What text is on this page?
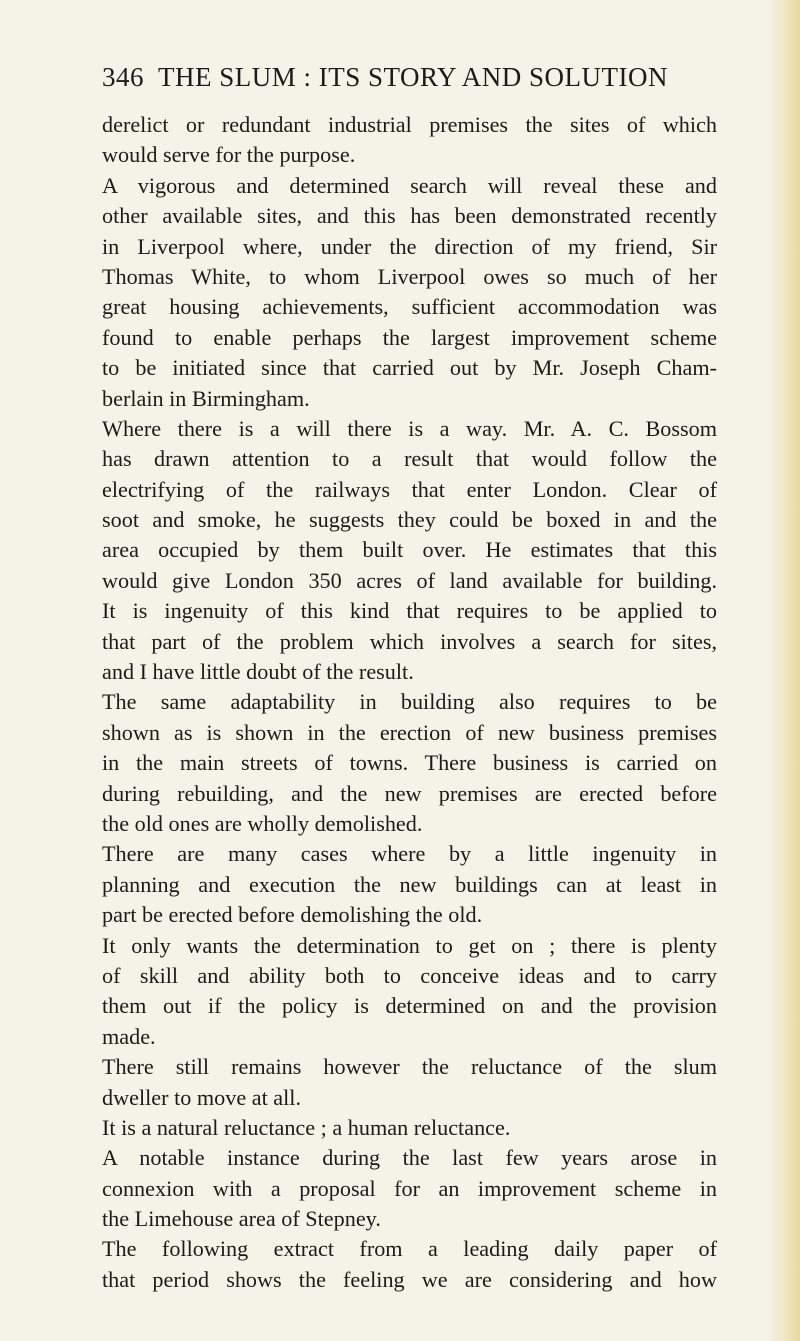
346 THE SLUM : ITS STORY AND SOLUTION
derelict or redundant industrial premises the sites of which
would serve for the purpose.
A vigorous and determined search will reveal these and
other available sites, and this has been demonstrated recently
in Liverpool where, under the direction of my friend, Sir
Thomas White, to whom Liverpool owes so much of her
great housing achievements, sufficient accommodation was
found to enable perhaps the largest improvement scheme
to be initiated since that carried out by Mr. Joseph Cham-
berlain in Birmingham.
Where there is a will there is a way. Mr. A. C. Bossom
has drawn attention to a result that would follow the
electrifying of the railways that enter London. Clear of
soot and smoke, he suggests they could be boxed in and the
area occupied by them built over. He estimates that this
would give London 350 acres of land available for building.
It is ingenuity of this kind that requires to be applied to
that part of the problem which involves a search for sites,
and I have little doubt of the result.
The same adaptability in building also requires to be
shown as is shown in the erection of new business premises
in the main streets of towns. There business is carried on
during rebuilding, and the new premises are erected before
the old ones are wholly demolished.
There are many cases where by a little ingenuity in
planning and execution the new buildings can at least in
part be erected before demolishing the old.
It only wants the determination to get on ; there is plenty
of skill and ability both to conceive ideas and to carry
them out if the policy is determined on and the provision
made.
There still remains however the reluctance of the slum
dweller to move at all.
It is a natural reluctance ; a human reluctance.
A notable instance during the last few years arose in
connexion with a proposal for an improvement scheme in
the Limehouse area of Stepney.
The following extract from a leading daily paper of
that period shows the feeling we are considering and how
